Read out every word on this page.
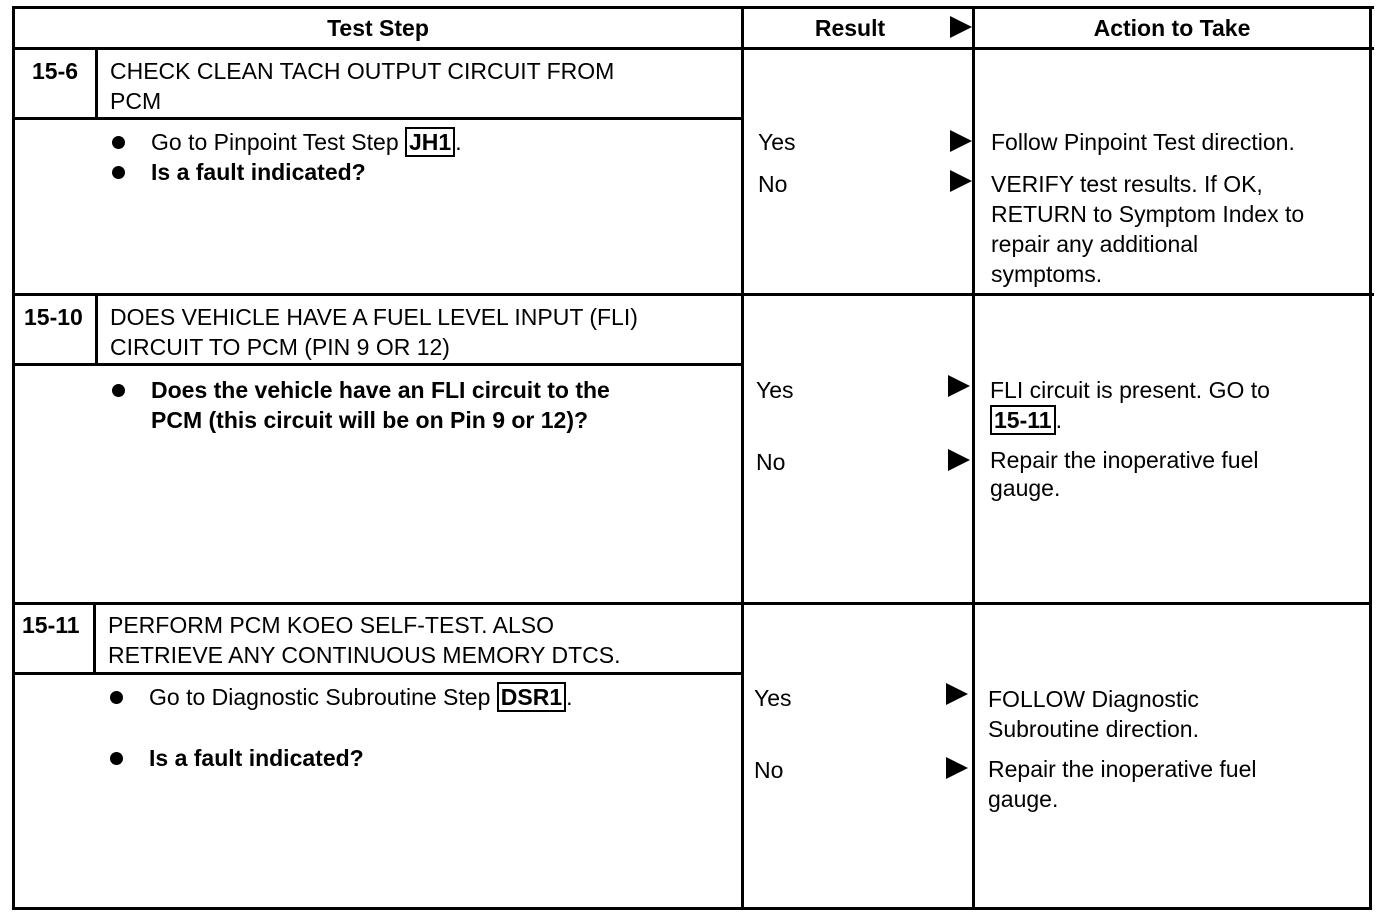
Test Step	Result	Action to Take
15-6 CHECK CLEAN TACH OUTPUT CIRCUIT FROM
PCM
Go to Pinpoint Test Step JH1 .
Is a fault indicated?
Yes
No
Follow Pinpoint Test direction.
VERIFY test results. If OK,
RETURN to Symptom Index to
repair any additional
symptoms.
15-10 DOES VEHICLE HAVE A FUEL LEVEL INPUT (FLI)
CIRCUIT TO PCM (PIN 9 OR 12)
Does the vehicle have an FLI circuit to the
PCM (this circuit will be on Pin 9 or 12)?
Yes
No
FLI circuit is present. GO to
15-11 .
Repair the inoperative fuel
gauge.
15-11 PERFORM PCM KOEO SELF-TEST. ALSO
RETRIEVE ANY CONTINUOUS MEMORY DTCS.
Go to Diagnostic Subroutine Step DSR1 .
Is a fault indicated?
Yes
No
FOLLOW Diagnostic
Subroutine direction.
Repair the inoperative fuel
gauge.
